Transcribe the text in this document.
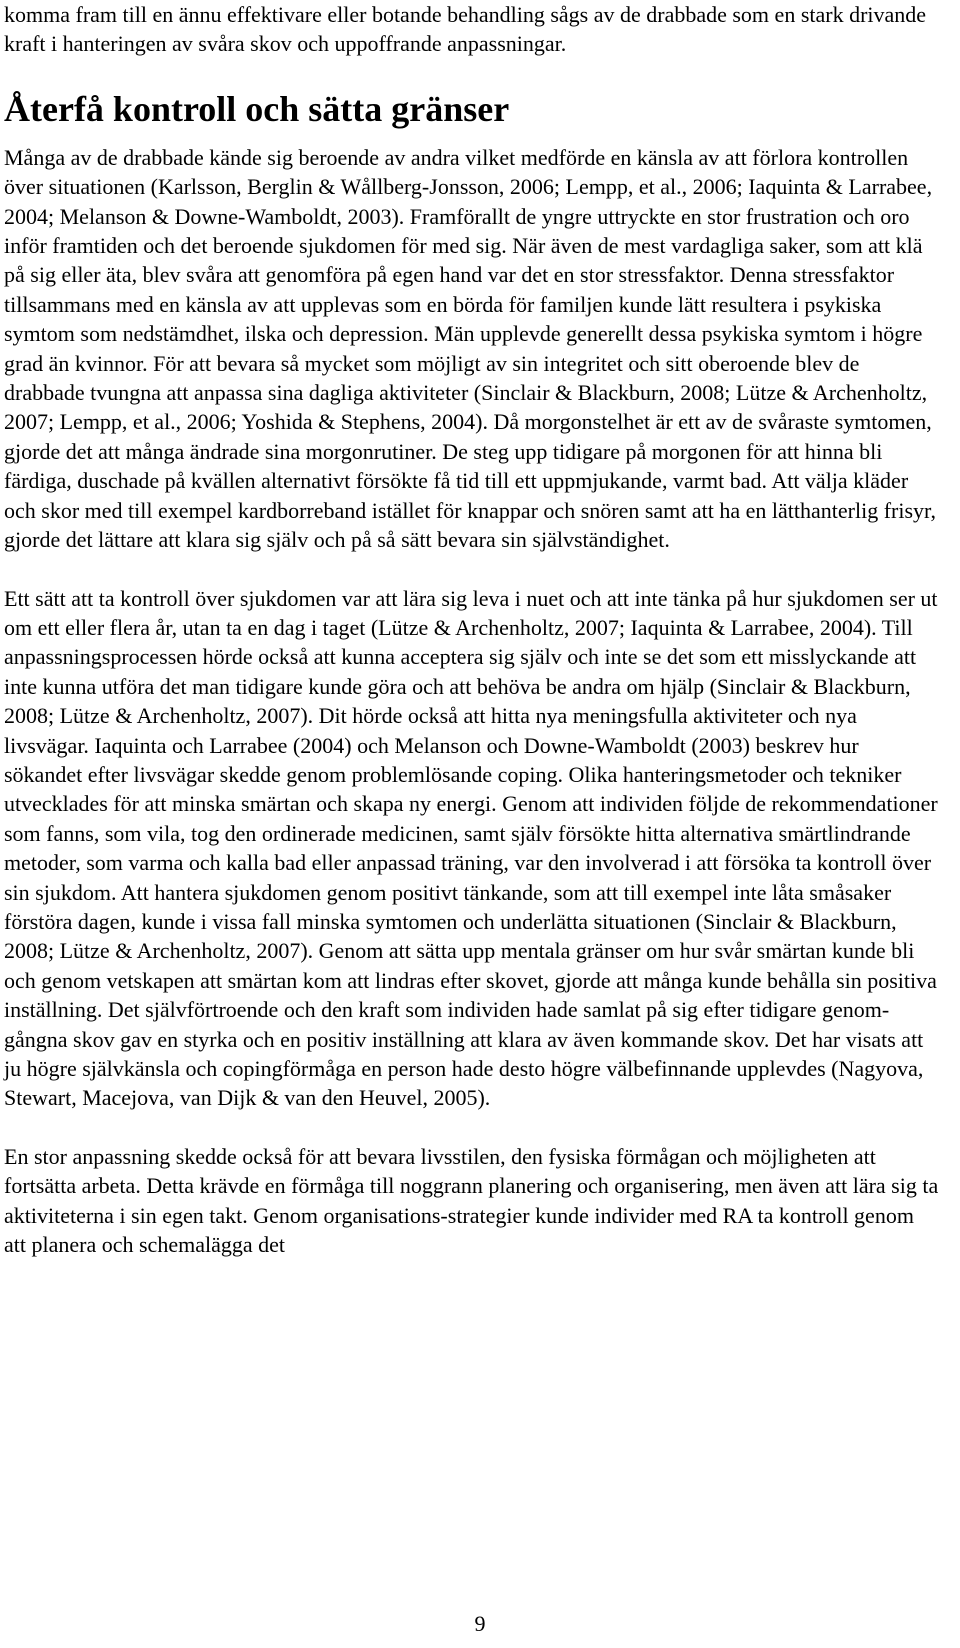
komma fram till en ännu effektivare eller botande behandling sågs av de drabbade som en stark drivande kraft i hanteringen av svåra skov och uppoffrande anpassningar.

Återfå kontroll och sätta gränser

Många av de drabbade kände sig beroende av andra vilket medförde en känsla av att förlora kontrollen över situationen (Karlsson, Berglin & Wållberg-Jonsson, 2006; Lempp, et al., 2006; Iaquinta & Larrabee, 2004; Melanson & Downe-Wamboldt, 2003). Framförallt de yngre uttryckte en stor frustration och oro inför framtiden och det beroende sjukdomen för med sig. När även de mest vardagliga saker, som att klä på sig eller äta, blev svåra att genomföra på egen hand var det en stor stressfaktor. Denna stressfaktor tillsammans med en känsla av att upplevas som en börda för familjen kunde lätt resultera i psykiska symtom som nedstämdhet, ilska och depression. Män upplevde generellt dessa psykiska symtom i högre grad än kvinnor. För att bevara så mycket som möjligt av sin integritet och sitt oberoende blev de drabbade tvungna att anpassa sina dagliga aktiviteter (Sinclair & Blackburn, 2008; Lütze & Archenholtz, 2007; Lempp, et al., 2006; Yoshida & Stephens, 2004). Då morgonstelhet är ett av de svåraste symtomen, gjorde det att många ändrade sina morgonrutiner. De steg upp tidigare på morgonen för att hinna bli färdiga, duschade på kvällen alternativt försökte få tid till ett uppmjukande, varmt bad. Att välja kläder och skor med till exempel kardborreband istället för knappar och snören samt att ha en lätthanterlig frisyr, gjorde det lättare att klara sig själv och på så sätt bevara sin självständighet.

Ett sätt att ta kontroll över sjukdomen var att lära sig leva i nuet och att inte tänka på hur sjukdomen ser ut om ett eller flera år, utan ta en dag i taget (Lütze & Archenholtz, 2007; Iaquinta & Larrabee, 2004). Till anpassningsprocessen hörde också att kunna acceptera sig själv och inte se det som ett misslyckande att inte kunna utföra det man tidigare kunde göra och att behöva be andra om hjälp (Sinclair & Blackburn, 2008; Lütze & Archenholtz, 2007). Dit hörde också att hitta nya meningsfulla aktiviteter och nya livsvägar. Iaquinta och Larrabee (2004) och Melanson och Downe-Wamboldt (2003) beskrev hur sökandet efter livsvägar skedde genom problemlösande coping. Olika hanteringsmetoder och tekniker utvecklades för att minska smärtan och skapa ny energi. Genom att individen följde de rekommendationer som fanns, som vila, tog den ordinerade medicinen, samt själv försökte hitta alternativa smärtlindrande metoder, som varma och kalla bad eller anpassad träning, var den involverad i att försöka ta kontroll över sin sjukdom. Att hantera sjukdomen genom positivt tänkande, som att till exempel inte låta småsaker förstöra dagen, kunde i vissa fall minska symtomen och underlätta situationen (Sinclair & Blackburn, 2008; Lütze & Archenholtz, 2007). Genom att sätta upp mentala gränser om hur svår smärtan kunde bli och genom vetskapen att smärtan kom att lindras efter skovet, gjorde att många kunde behålla sin positiva inställning. Det självförtroende och den kraft som individen hade samlat på sig efter tidigare genom-gångna skov gav en styrka och en positiv inställning att klara av även kommande skov. Det har visats att ju högre självkänsla och copingförmåga en person hade desto högre välbefinnande upplevdes (Nagyova, Stewart, Macejova, van Dijk & van den Heuvel, 2005).

En stor anpassning skedde också för att bevara livsstilen, den fysiska förmågan och möjligheten att fortsätta arbeta. Detta krävde en förmåga till noggrann planering och organisering, men även att lära sig ta aktiviteterna i sin egen takt. Genom organisations-strategier kunde individer med RA ta kontroll genom att planera och schemalägga det

9
